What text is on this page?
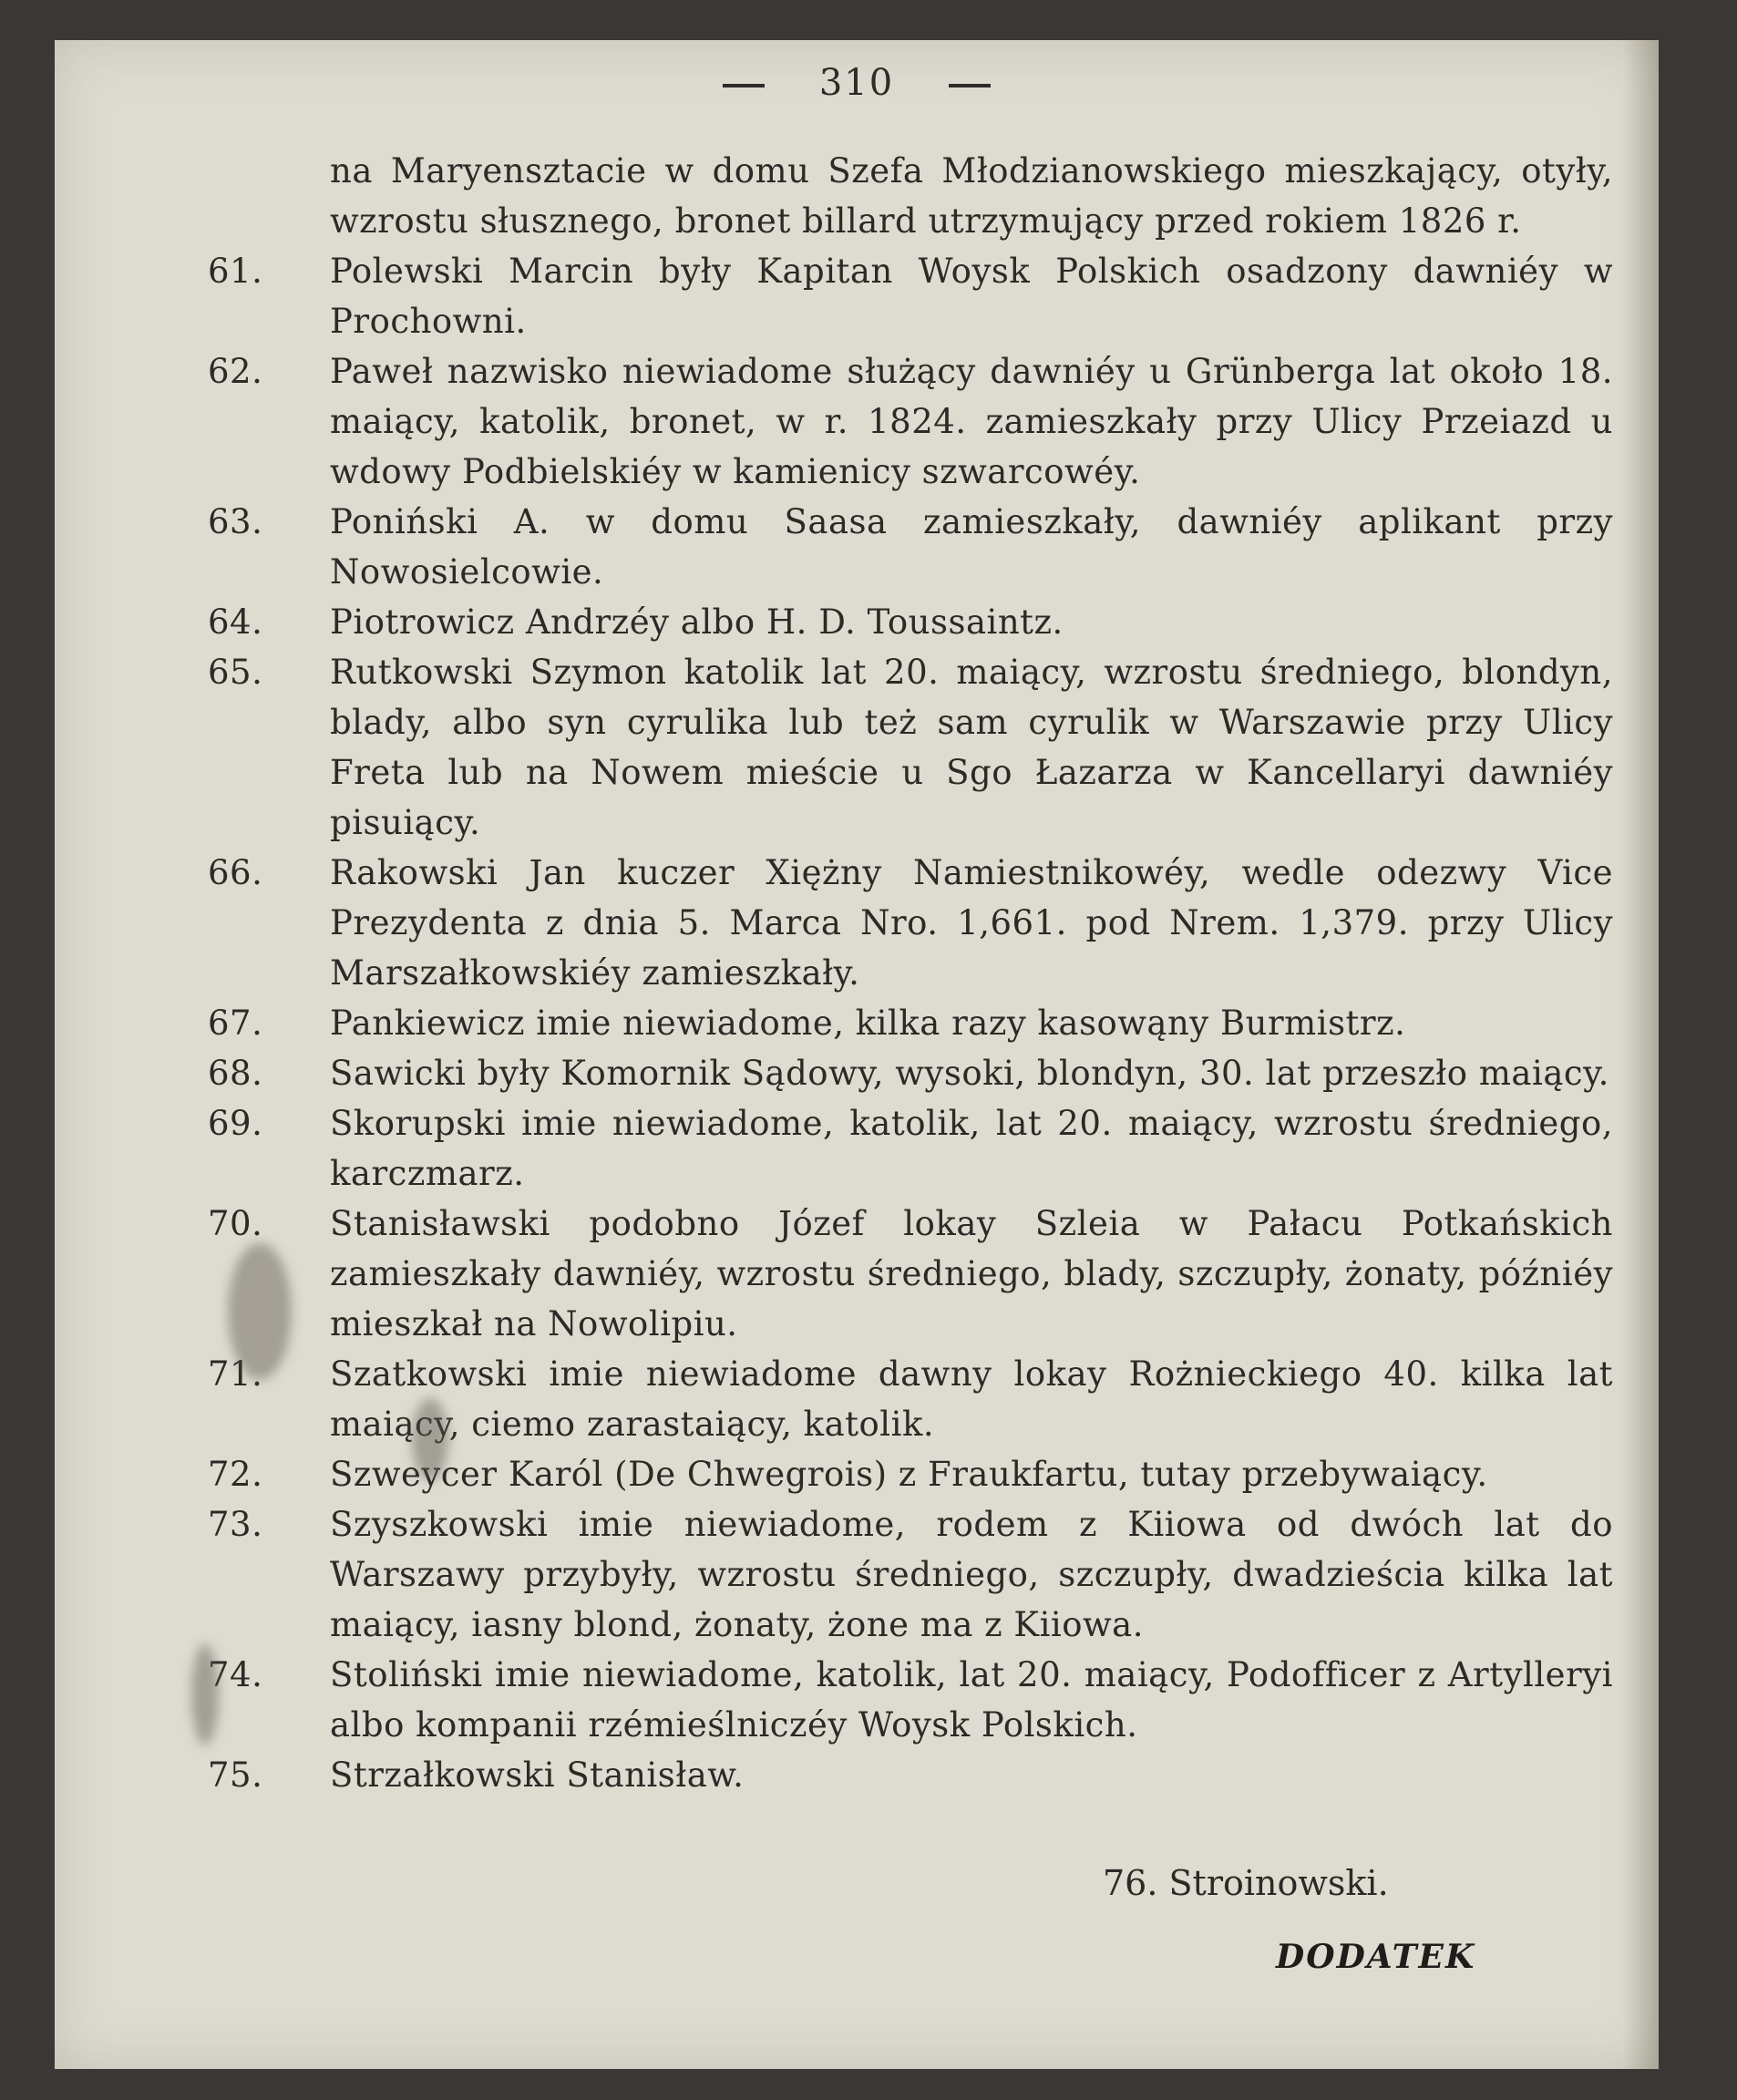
310
na Maryensztacie w domu Szefa Młodzianowskiego mieszkający, otyły, wzrostu słusznego, bronet billard utrzymujący przed rokiem 1826 r.
61.	Polewski Marcin były Kapitan Woysk Polskich osadzony dawniéy w Prochowni.
62.	Paweł nazwisko niewiadome służący dawniéy u Grünberga lat około 18. maiący, katolik, bronet, w r. 1824. zamieszkały przy Ulicy Przeiazd u wdowy Podbielskiéy w kamienicy szwarcowéy.
63.	Poniński A. w domu Saasa zamieszkały, dawniéy aplikant przy Nowosielcowie.
64.	Piotrowicz Andrzéy albo H. D. Toussaintz.
65.	Rutkowski Szymon katolik lat 20. maiący, wzrostu średniego, blondyn, blady, albo syn cyrulika lub też sam cyrulik w Warszawie przy Ulicy Freta lub na Nowem mieście u Sgo Łazarza w Kancellaryi dawniéy pisuiący.
66.	Rakowski Jan kuczer Xiężny Namiestnikowéy, wedle odezwy Vice Prezydenta z dnia 5. Marca Nro. 1,661. pod Nrem. 1,379. przy Ulicy Marszałkowskiéy zamieszkały.
67.	Pankiewicz imie niewiadome, kilka razy kasowąny Burmistrz.
68.	Sawicki były Komornik Sądowy, wysoki, blondyn, 30. lat przeszło maiący.
69.	Skorupski imie niewiadome, katolik, lat 20. maiący, wzrostu średniego, karczmarz.
70.	Stanisławski podobno Józef lokay Szleia w Pałacu Potkańskich zamieszkały dawniéy, wzrostu średniego, blady, szczupły, żonaty, późniéy mieszkał na Nowolipiu.
71.	Szatkowski imie niewiadome dawny lokay Rożnieckiego 40. kilka lat maiący, ciemo zarastaiący, katolik.
72.	Szweycer Karól (De Chwegrois) z Fraukfartu, tutay przebywaiący.
73.	Szyszkowski imie niewiadome, rodem z Kiiowa od dwóch lat do Warszawy przybyły, wzrostu średniego, szczupły, dwadzieścia kilka lat maiący, iasny blond, żonaty, żone ma z Kiiowa.
74.	Stoliński imie niewiadome, katolik, lat 20. maiący, Podofficer z Artylleryi albo kompanii rzémieślniczéy Woysk Polskich.
75.	Strzałkowski Stanisław.
76. Stroinowski.
DODATEK
